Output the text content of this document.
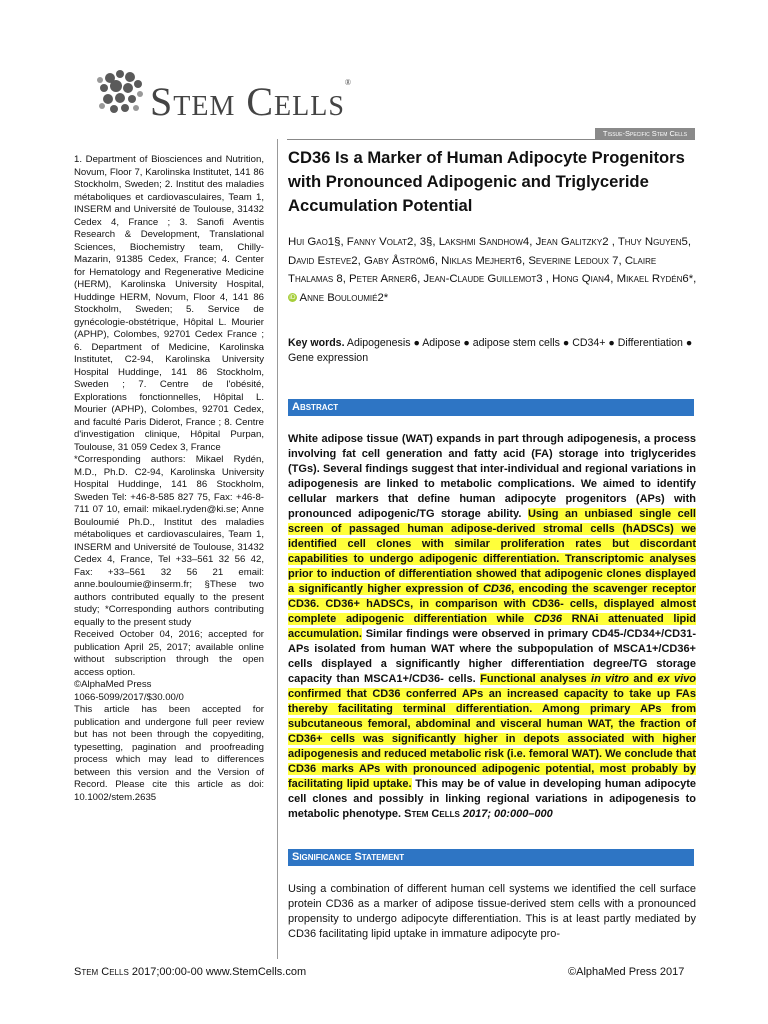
Stem Cells®
Tissue-Specific Stem Cells

1. Department of Biosciences and Nutrition, Novum, Floor 7, Karolinska Institutet, 141 86 Stockholm, Sweden; 2. Institut des maladies métaboliques et cardiovasculaires, Team 1, INSERM and Université de Toulouse, 31432 Cedex 4, France ; 3. Sanofi Aventis Research & Development, Translational Sciences, Biochemistry team, Chilly-Mazarin, 91385 Cedex, France; 4. Center for Hematology and Regenerative Medicine (HERM), Karolinska University Hospital, Huddinge HERM, Novum, Floor 4, 141 86 Stockholm, Sweden; 5. Service de gynécologie-obstétrique, Hôpital L. Mourier (APHP), Colombes, 92701 Cedex France ; 6. Department of Medicine, Karolinska Institutet, C2-94, Karolinska University Hospital Huddinge, 141 86 Stockholm, Sweden ; 7. Centre de l'obésité, Explorations fonctionnelles, Hôpital L. Mourier (APHP), Colombes, 92701 Cedex, and faculté Paris Diderot, France ; 8. Centre d'investigation clinique, Hôpital Purpan, Toulouse, 31 059 Cedex 3, France

*Corresponding authors: Mikael Rydén, M.D., Ph.D. C2-94, Karolinska University Hospital Huddinge, 141 86 Stockholm, Sweden Tel: +46-8-585 827 75, Fax: +46-8-711 07 10, email: mikael.ryden@ki.se; Anne Bouloumié Ph.D., Institut des maladies métaboliques et cardiovasculaires, Team 1, INSERM and Université de Toulouse, 31432 Cedex 4, France, Tel +33–561 32 56 42, Fax: +33–561 32 56 21 email: anne.bouloumie@inserm.fr; §These two authors contributed equally to the present study; *Corresponding authors contributing equally to the present study

Received October 04, 2016; accepted for publication April 25, 2017; available online without subscription through the open access option.

©AlphaMed Press

1066-5099/2017/$30.00/0

This article has been accepted for publication and undergone full peer review but has not been through the copyediting, typesetting, pagination and proofreading process which may lead to differences between this version and the Version of Record. Please cite this article as doi: 10.1002/stem.2635

CD36 Is a Marker of Human Adipocyte Progenitors with Pronounced Adipogenic and Triglyceride Accumulation Potential

Hui Gao1§, Fanny Volat2, 3§, Lakshmi Sandhow4, Jean Galitzky2 , Thuy Nguyen5, David Esteve2, Gaby Åström6, Niklas Mejhert6, Severine Ledoux 7, Claire Thalamas 8, Peter Arner6, Jean-Claude Guillemot3 , Hong Qian4, Mikael Rydén6*, iD Anne Bouloumié2*

Key words. Adipogenesis ● Adipose ● adipose stem cells ● CD34+ ● Differentiation ● Gene expression

Abstract

White adipose tissue (WAT) expands in part through adipogenesis, a process involving fat cell generation and fatty acid (FA) storage into triglycerides (TGs). Several findings suggest that inter-individual and regional variations in adipogenesis are linked to metabolic complications. We aimed to identify cellular markers that define human adipocyte progenitors (APs) with pronounced adipogenic/TG storage ability. Using an unbiased single cell screen of passaged human adipose-derived stromal cells (hADSCs) we identified cell clones with similar proliferation rates but discordant capabilities to undergo adipogenic differentiation. Transcriptomic analyses prior to induction of differentiation showed that adipogenic clones displayed a significantly higher expression of CD36, encoding the scavenger receptor CD36. CD36+ hADSCs, in comparison with CD36- cells, displayed almost complete adipogenic differentiation while CD36 RNAi attenuated lipid accumulation. Similar findings were observed in primary CD45-/CD34+/CD31- APs isolated from human WAT where the subpopulation of MSCA1+/CD36+ cells displayed a significantly higher differentiation degree/TG storage capacity than MSCA1+/CD36- cells. Functional analyses in vitro and ex vivo confirmed that CD36 conferred APs an increased capacity to take up FAs thereby facilitating terminal differentiation. Among primary APs from subcutaneous femoral, abdominal and visceral human WAT, the fraction of CD36+ cells was significantly higher in depots associated with higher adipogenesis and reduced metabolic risk (i.e. femoral WAT). We conclude that CD36 marks APs with pronounced adipogenic potential, most probably by facilitating lipid uptake. This may be of value in developing human adipocyte cell clones and possibly in linking regional variations in adipogenesis to metabolic phenotype. Stem Cells 2017; 00:000–000

Significance Statement

Using a combination of different human cell systems we identified the cell surface protein CD36 as a marker of adipose tissue-derived stem cells with a pronounced propensity to undergo adipocyte differentiation. This is at least partly mediated by CD36 facilitating lipid uptake in immature adipocyte pro-

Stem Cells 2017;00:00-00 www.StemCells.com	©AlphaMed Press 2017
